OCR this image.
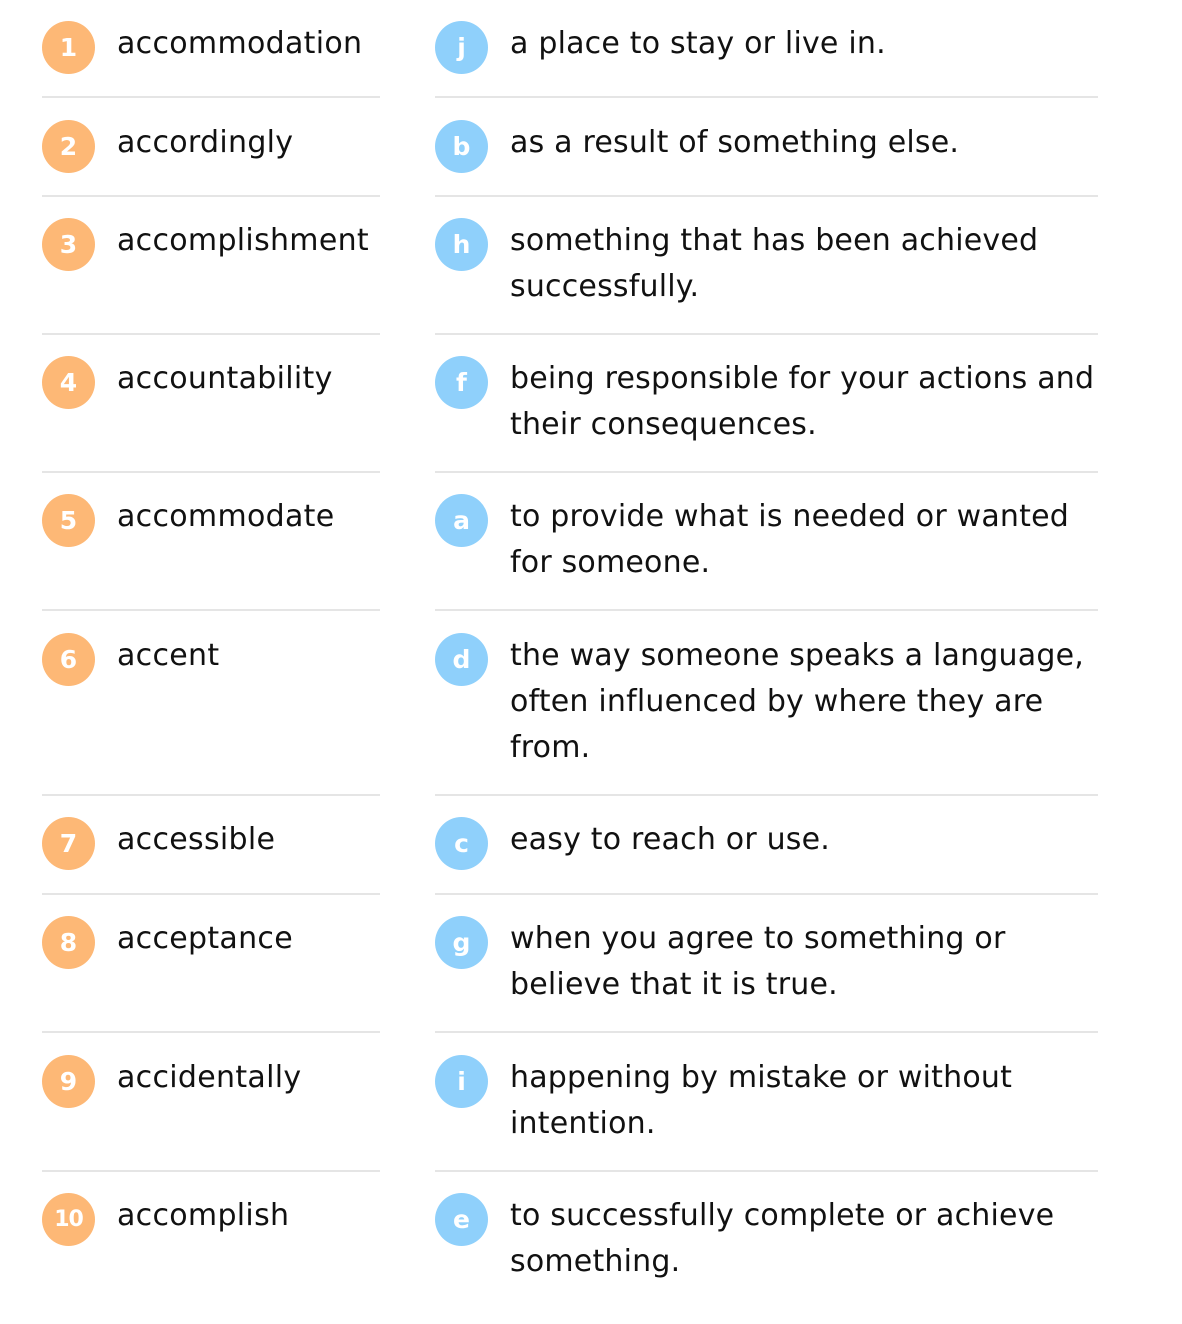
1	accommodation	j	a place to stay or live in.
2	accordingly	b	as a result of something else.
3	accomplishment	h	something that has been achieved successfully.
4	accountability	f	being responsible for your actions and their consequences.
5	accommodate	a	to provide what is needed or wanted for someone.
6	accent	d	the way someone speaks a language, often influenced by where they are from.
7	accessible	c	easy to reach or use.
8	acceptance	g	when you agree to something or believe that it is true.
9	accidentally	i	happening by mistake or without intention.
10	accomplish	e	to successfully complete or achieve something.
